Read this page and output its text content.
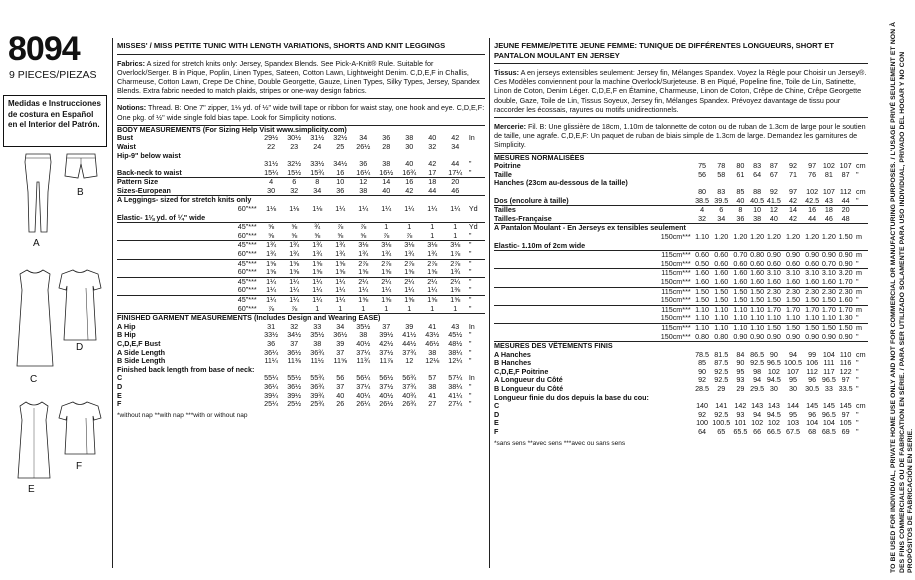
8094
9 PIECES/PIEZAS
Medidas e Instrucciones de costura en Español en el Interior del Patrón.
A
B
C
D
E
F
MISSES' / MISS PETITE TUNIC WITH LENGTH VARIATIONS, SHORTS AND KNIT LEGGINGS
Fabrics: A sized for stretch knits only: Jersey, Spandex Blends. See Pick-A-Knit® Rule. Suitable for Overlock/Serger. B in Pique, Poplin, Linen Types, Sateen, Cotton Lawn, Lightweight Denim. C,D,E,F in Challis, Charmeuse, Cotton Lawn, Crepe De Chine, Double Georgette, Gauze, Linen Types, Silky Types, Jersey, Spandex Blends. Extra fabric needed to match plaids, stripes or one-way design fabrics.
Notions: Thread. B: One 7" zipper, 1⅛ yd. of ½" wide twill tape or ribbon for waist stay, one hook and eye. C,D,E,F: One pkg. of ½" wide single fold bias tape. Look for Simplicity notions.
BODY MEASUREMENTS (For Sizing Help Visit www.simplicity.com)											
Bust		29½	30½	31½	32½	34	36	38	40	42	In
Waist		22	23	24	25	26½	28	30	32	34	
Hip-9" below waist											
		31½	32½	33½	34½	36	38	40	42	44	"
Back-neck to waist		15¼	15½	15¾	16	16¼	16½	16¾	17	17¼	"
Pattern Size		4	6	8	10	12	14	16	18	20	
Sizes-European		30	32	34	36	38	40	42	44	46	
A Leggings- sized for stretch knits only											
	60"***	1⅛	1⅛	1⅛	1¼	1¼	1¼	1¼	1¼	1¼	Yd
Elastic- 1⅛ yd. of ¼" wide											
	45"***	⅝	⅝	¾	⅞	⅞	1	1	1	1	Yd
	60"***	⅝	⅝	⅝	⅝	⅝	⅞	⅞	1	1	"
	45"***	1¾	1¾	1¾	1¾	3⅛	3⅛	3⅛	3⅛	3⅛	"
	60"***	1¾	1¾	1¾	1¾	1¾	1¾	1¾	1¾	1⅞	"
	45"***	1⅝	1⅝	1⅝	1⅝	2⅞	2⅞	2⅞	2⅞	2⅞	"
	60"***	1⅝	1⅝	1⅝	1⅝	1⅝	1⅝	1⅝	1⅝	1¾	"
	45"***	1¼	1¼	1¼	1¼	2¼	2¼	2¼	2¼	2¼	"
	60"***	1¼	1¼	1¼	1¼	1¼	1¼	1¼	1¼	1⅜	"
	45"***	1¼	1¼	1¼	1¼	1⅝	1⅝	1⅝	1⅝	1⅝	"
	60"***	⅞	⅞	1	1	1	1	1	1	1	"
FINISHED GARMENT MEASUREMENTS (Includes Design and Wearing EASE)											
A Hip		31	32	33	34	35½	37	39	41	43	In
B Hip		33½	34½	35½	36½	38	39½	41½	43½	45½	"
C,D,E,F Bust		36	37	38	39	40½	42½	44½	46½	48½	"
A Side Length		36¼	36½	36¾	37	37¼	37½	37¾	38	38¼	"
B Side Length		11¼	11⅜	11½	11⅝	11¾	11⅞	12	12⅛	12¼	"
Finished back length from base of neck:											
C		55¼	55½	55¾	56	56¼	56½	56¾	57	57¼	In
D		36¼	36½	36¾	37	37¼	37½	37¾	38	38¼	"
E		39¼	39½	39¾	40	40¼	40½	40¾	41	41¼	"
F		25¼	25½	25¾	26	26¼	26½	26¾	27	27¼	"
*without nap **with nap ***with or without nap
JEUNE FEMME/PETITE JEUNE FEMME: TUNIQUE DE DIFFÉRENTES LONGUEURS, SHORT ET PANTALON MOULANT EN JERSEY
Tissus: A en jerseys extensibles seulement: Jersey fin, Mélanges Spandex. Voyez la Règle pour Choisir un Jersey®. Ces Modèles conviennent pour la machine Overlock/Surjeteuse. B en Piqué, Popeline fine, Toile de Lin, Satinette, Linon de Coton, Denim Léger. C,D,E,F en Étamine, Charmeuse, Linon de Coton, Crêpe de Chine, Crêpe Georgette double, Gaze, Toile de Lin, Tissus Soyeux, Jersey fin, Mélanges Spandex. Prévoyez davantage de tissu pour raccorder les écossais, rayures ou motifs unidirectionnels.
Mercerie: Fil. B: Une glissière de 18cm, 1.10m de talonnette de coton ou de ruban de 1.3cm de large pour le soutien de taille, une agrafe. C,D,E,F: Un paquet de ruban de biais simple de 1.3cm de large. Demandez les garnitures de Simplicity.
MESURES NORMALISÉES											
Poitrine		75	78	80	83	87	92	97	102	107	cm
Taille		56	58	61	64	67	71	76	81	87	"
Hanches (23cm au-dessous de la taille)											
		80	83	85	88	92	97	102	107	112	cm
Dos (encolure à taille)		38.5	39.5	40	40.5	41.5	42	42.5	43	44	"
Tailles		4	6	8	10	12	14	16	18	20	
Tailles-Française		32	34	36	38	40	42	44	46	48	
A Pantalon Moulant - En Jerseys ex tensibles seulement											
	150cm***	1.10	1.20	1.20	1.20	1.20	1.20	1.20	1.20	1.50	m
Elastic- 1.10m of 2cm wide											
	115cm***	0.60	0.60	0.70	0.80	0.90	0.90	0.90	0.90	0.90	m
	150cm***	0.50	0.60	0.60	0.60	0.60	0.60	0.60	0.70	0.90	"
	115cm***	1.60	1.60	1.60	1.60	3.10	3.10	3.10	3.10	3.20	m
	150cm***	1.60	1.60	1.60	1.60	1.60	1.60	1.60	1.60	1.70	"
	115cm***	1.50	1.50	1.50	1.50	2.30	2.30	2.30	2.30	2.30	m
	150cm***	1.50	1.50	1.50	1.50	1.50	1.50	1.50	1.50	1.60	"
	115cm***	1.10	1.10	1.10	1.10	1.70	1.70	1.70	1.70	1.70	m
	150cm***	1.10	1.10	1.10	1.10	1.10	1.10	1.10	1.10	1.30	"
	115cm***	1.10	1.10	1.10	1.10	1.50	1.50	1.50	1.50	1.50	m
	150cm***	0.80	0.80	0.90	0.90	0.90	0.90	0.90	0.90	0.90	"
MESURES DES VÊTEMENTS FINIS											
A Hanches		78.5	81.5	84	86.5	90	94	99	104	110	cm
B Hanches		85	87.5	90	92.5	96.5	100.5	106	111	116	"
C,D,E,F Poitrine		90	92.5	95	98	102	107	112	117	122	"
A Longueur du Côté		92	92.5	93	94	94.5	95	96	96.5	97	"
B Longueur du Côté		28.5	29	29	29.5	30	30	30.5	33	33.5	"
Longueur finie du dos depuis la base du cou:											
C		140	141	142	143	143	144	145	145	145	cm
D		92	92.5	93	94	94.5	95	96	96.5	97	"
E		100	100.5	101	102	102	103	104	104	105	"
F		64	65	65.5	66	66.5	67.5	68	68.5	69	"
*sans sens **avec sens ***avec ou sans sens	TO BE USED FOR INDIVIDUAL, PRIVATE HOME USE ONLY AND NOT FOR COMMERCIAL OR MANUFACTURING PURPOSES. / L'USAGE PRIVÉ SEULEMENT ET NON À DES FINS COMMERCIALES OU DE FABRICATION EN SÉRIE. / PARA SER UTILIZADO SOLAMENTE PARA USO INDIVIDUAL, PRIVADO DEL HOGAR Y NO CON PROPÓSITOS DE FABRICACIÓN EN SERIE.
